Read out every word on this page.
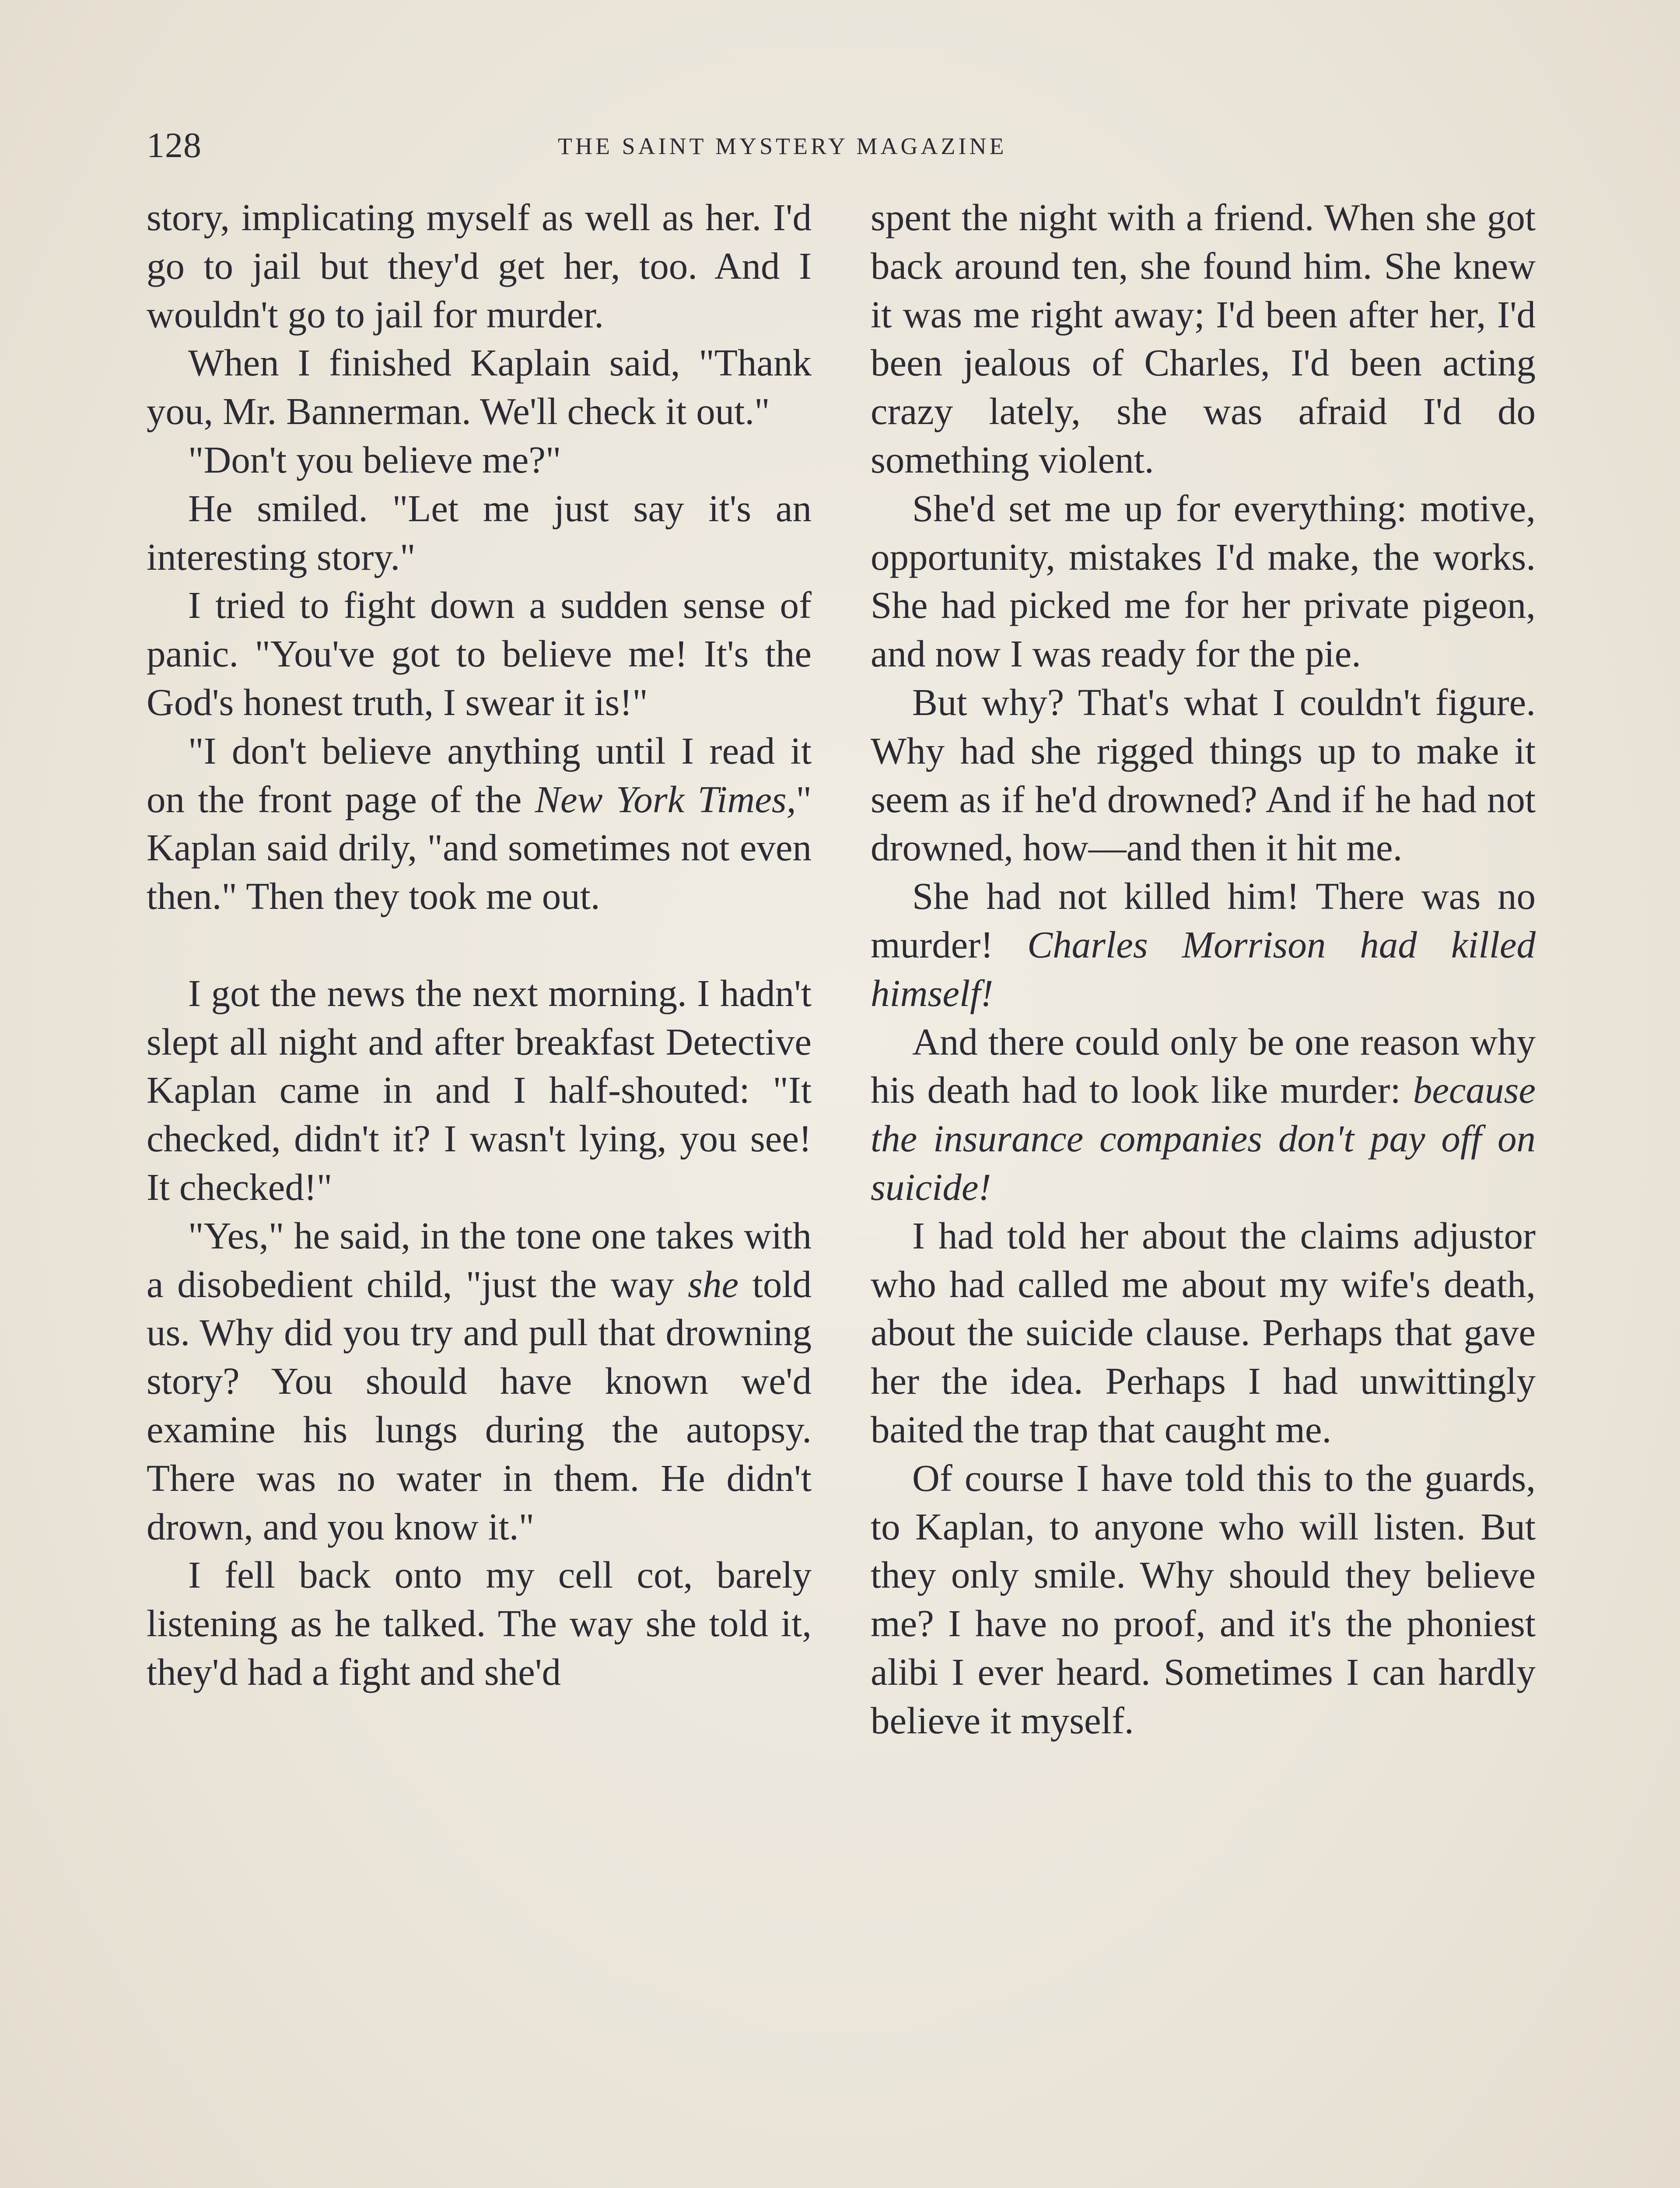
128	THE SAINT MYSTERY MAGAZINE

story, implicating myself as well as her. I'd go to jail but they'd get her, too. And I wouldn't go to jail for murder.

When I finished Kaplain said, "Thank you, Mr. Bannerman. We'll check it out."

"Don't you believe me?"

He smiled. "Let me just say it's an interesting story."

I tried to fight down a sudden sense of panic. "You've got to believe me! It's the God's honest truth, I swear it is!"

"I don't believe anything until I read it on the front page of the New York Times," Kaplan said drily, "and sometimes not even then." Then they took me out.

I got the news the next morning. I hadn't slept all night and after breakfast Detective Kaplan came in and I half-shouted: "It checked, didn't it? I wasn't lying, you see! It checked!"

"Yes," he said, in the tone one takes with a disobedient child, "just the way she told us. Why did you try and pull that drowning story? You should have known we'd examine his lungs during the autopsy. There was no water in them. He didn't drown, and you know it."

I fell back onto my cell cot, barely listening as he talked. The way she told it, they'd had a fight and she'd

spent the night with a friend. When she got back around ten, she found him. She knew it was me right away; I'd been after her, I'd been jealous of Charles, I'd been acting crazy lately, she was afraid I'd do something violent.

She'd set me up for everything: motive, opportunity, mistakes I'd make, the works. She had picked me for her private pigeon, and now I was ready for the pie.

But why? That's what I couldn't figure. Why had she rigged things up to make it seem as if he'd drowned? And if he had not drowned, how—and then it hit me.

She had not killed him! There was no murder! Charles Morrison had killed himself!

And there could only be one reason why his death had to look like murder: because the insurance companies don't pay off on suicide!

I had told her about the claims adjustor who had called me about my wife's death, about the suicide clause. Perhaps that gave her the idea. Perhaps I had unwittingly baited the trap that caught me.

Of course I have told this to the guards, to Kaplan, to anyone who will listen. But they only smile. Why should they believe me? I have no proof, and it's the phoniest alibi I ever heard. Sometimes I can hardly believe it myself.
